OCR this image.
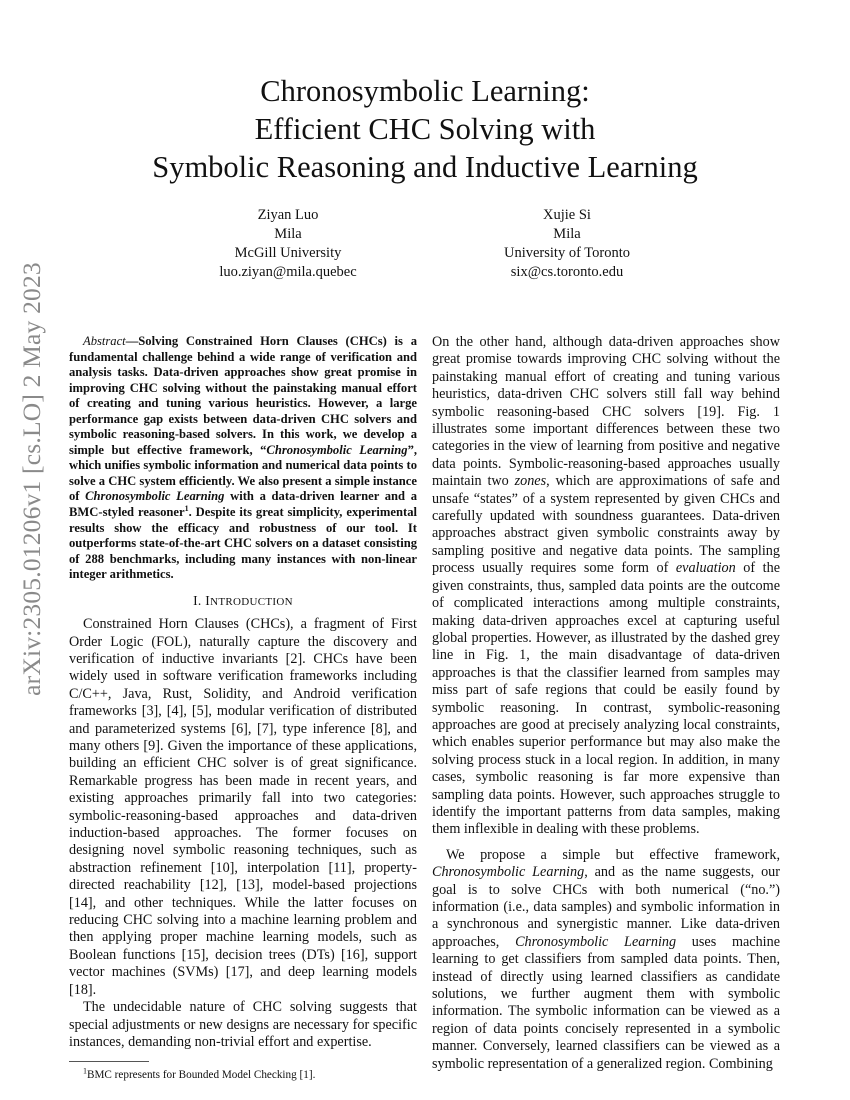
arXiv:2305.01206v1 [cs.LO] 2 May 2023
Chronosymbolic Learning:
Efficient CHC Solving with
Symbolic Reasoning and Inductive Learning
Ziyan Luo
Mila
McGill University
luo.ziyan@mila.quebec
Xujie Si
Mila
University of Toronto
six@cs.toronto.edu

Abstract—Solving Constrained Horn Clauses (CHCs) is a fundamental challenge behind a wide range of verification and analysis tasks. Data-driven approaches show great promise in improving CHC solving without the painstaking manual effort of creating and tuning various heuristics. However, a large performance gap exists between data-driven CHC solvers and symbolic reasoning-based solvers. In this work, we develop a simple but effective framework, “Chronosymbolic Learning”, which unifies symbolic information and numerical data points to solve a CHC system efficiently. We also present a simple instance of Chronosymbolic Learning with a data-driven learner and a BMC-styled reasoner$^1$. Despite its great simplicity, experimental results show the efficacy and robustness of our tool. It outperforms state-of-the-art CHC solvers on a dataset consisting of 288 benchmarks, including many instances with non-linear integer arithmetics.

I. INTRODUCTION

Constrained Horn Clauses (CHCs), a fragment of First Order Logic (FOL), naturally capture the discovery and verification of inductive invariants [2]. CHCs have been widely used in software verification frameworks including C/C++, Java, Rust, Solidity, and Android verification frameworks [3], [4], [5], modular verification of distributed and parameterized systems [6], [7], type inference [8], and many others [9]. Given the importance of these applications, building an efficient CHC solver is of great significance. Remarkable progress has been made in recent years, and existing approaches primarily fall into two categories: symbolic-reasoning-based approaches and data-driven induction-based approaches. The former focuses on designing novel symbolic reasoning techniques, such as abstraction refinement [10], interpolation [11], property-directed reachability [12], [13], model-based projections [14], and other techniques. While the latter focuses on reducing CHC solving into a machine learning problem and then applying proper machine learning models, such as Boolean functions [15], decision trees (DTs) [16], support vector machines (SVMs) [17], and deep learning models [18].

The undecidable nature of CHC solving suggests that special adjustments or new designs are necessary for specific instances, demanding non-trivial effort and expertise.

$^1$BMC represents for Bounded Model Checking [1].

On the other hand, although data-driven approaches show great promise towards improving CHC solving without the painstaking manual effort of creating and tuning various heuristics, data-driven CHC solvers still fall way behind symbolic reasoning-based CHC solvers [19]. Fig. 1 illustrates some important differences between these two categories in the view of learning from positive and negative data points. Symbolic-reasoning-based approaches usually maintain two zones, which are approximations of safe and unsafe “states” of a system represented by given CHCs and carefully updated with soundness guarantees. Data-driven approaches abstract given symbolic constraints away by sampling positive and negative data points. The sampling process usually requires some form of evaluation of the given constraints, thus, sampled data points are the outcome of complicated interactions among multiple constraints, making data-driven approaches excel at capturing useful global properties. However, as illustrated by the dashed grey line in Fig. 1, the main disadvantage of data-driven approaches is that the classifier learned from samples may miss part of safe regions that could be easily found by symbolic reasoning. In contrast, symbolic-reasoning approaches are good at precisely analyzing local constraints, which enables superior performance but may also make the solving process stuck in a local region. In addition, in many cases, symbolic reasoning is far more expensive than sampling data points. However, such approaches struggle to identify the important patterns from data samples, making them inflexible in dealing with these problems.

We propose a simple but effective framework, Chronosymbolic Learning, and as the name suggests, our goal is to solve CHCs with both numerical (“no.”) information (i.e., data samples) and symbolic information in a synchronous and synergistic manner. Like data-driven approaches, Chronosymbolic Learning uses machine learning to get classifiers from sampled data points. Then, instead of directly using learned classifiers as candidate solutions, we further augment them with symbolic information. The symbolic information can be viewed as a region of data points concisely represented in a symbolic manner. Conversely, learned classifiers can be viewed as a symbolic representation of a generalized region. Combining
